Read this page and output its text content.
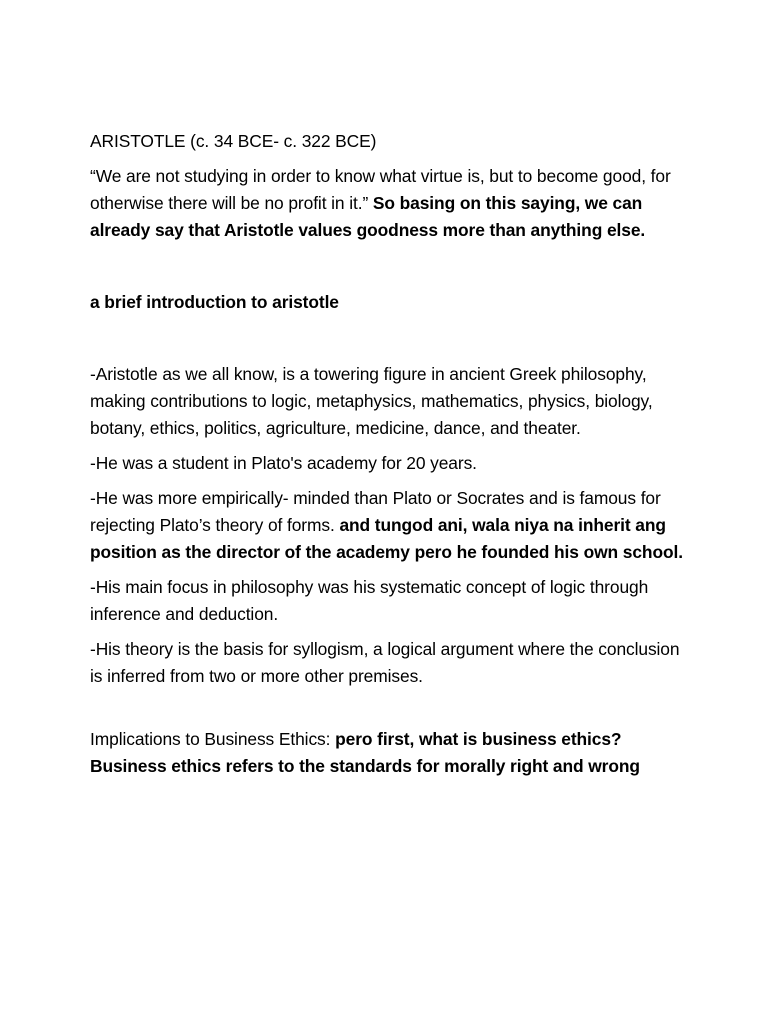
ARISTOTLE (c. 34 BCE- c. 322 BCE)

“We are not studying in order to know what virtue is, but to become good, for otherwise there will be no profit in it.” So basing on this saying, we can already say that Aristotle values goodness more than anything else.

a brief introduction to aristotle

-Aristotle as we all know, is a towering figure in ancient Greek philosophy, making contributions to logic, metaphysics, mathematics, physics, biology, botany, ethics, politics, agriculture, medicine, dance, and theater.

-He was a student in Plato's academy for 20 years.

-He was more empirically- minded than Plato or Socrates and is famous for rejecting Plato’s theory of forms. and tungod ani, wala niya na inherit ang position as the director of the academy pero he founded his own school.

-His main focus in philosophy was his systematic concept of logic through inference and deduction.

-His theory is the basis for syllogism, a logical argument where the conclusion is inferred from two or more other premises.

Implications to Business Ethics: pero first, what is business ethics? Business ethics refers to the standards for morally right and wrong
